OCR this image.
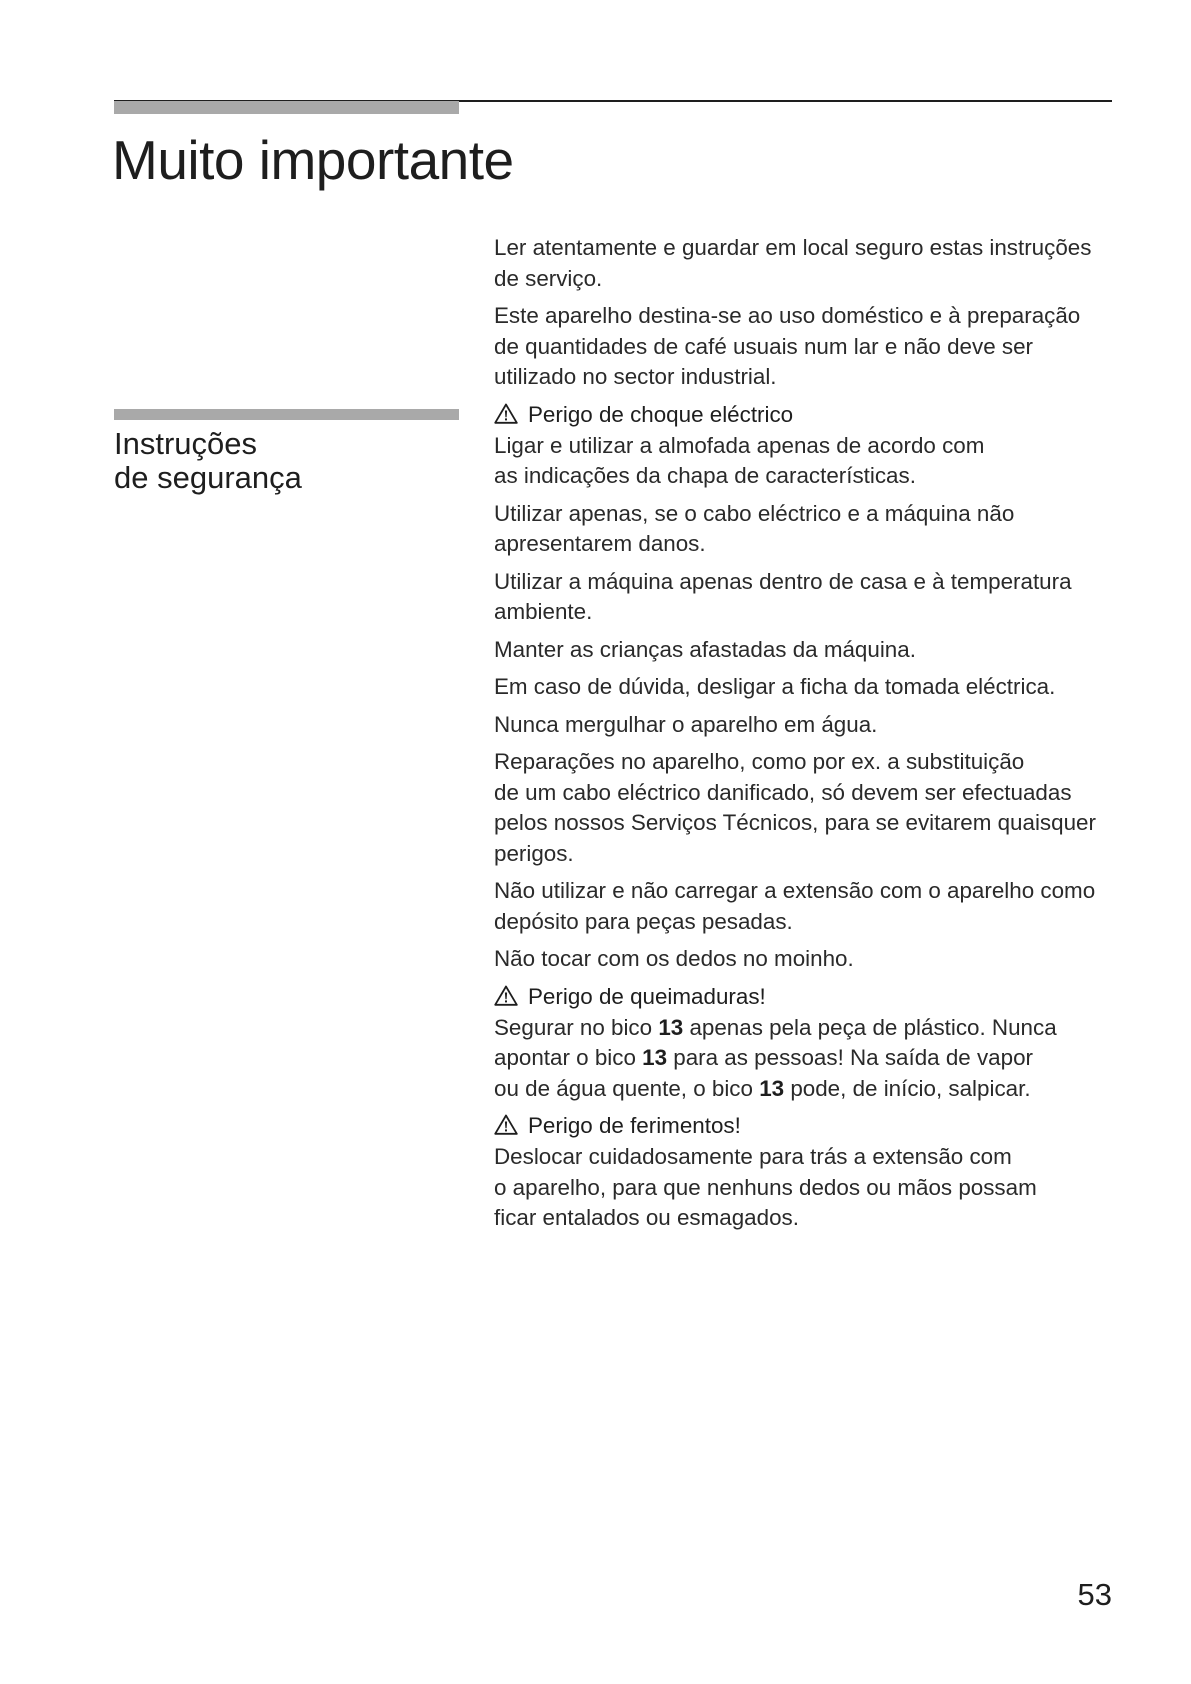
Muito importante
Instruções
de segurança

Ler atentamente e guardar em local seguro estas instruções
de serviço.

Este aparelho destina-se ao uso doméstico e à preparação
de quantidades de café usuais num lar e não deve ser
utilizado no sector industrial.

Perigo de choque eléctrico

Ligar e utilizar a almofada apenas de acordo com
as indicações da chapa de características.

Utilizar apenas, se o cabo eléctrico e a máquina não
apresentarem danos.

Utilizar a máquina apenas dentro de casa e à temperatura
ambiente.

Manter as crianças afastadas da máquina.

Em caso de dúvida, desligar a ficha da tomada eléctrica.

Nunca mergulhar o aparelho em água.

Reparações no aparelho, como por ex. a substituição
de um cabo eléctrico danificado, só devem ser efectuadas
pelos nossos Serviços Técnicos, para se evitarem quaisquer
perigos.

Não utilizar e não carregar a extensão com o aparelho como
depósito para peças pesadas.

Não tocar com os dedos no moinho.

Perigo de queimaduras!

Segurar no bico 13 apenas pela peça de plástico. Nunca
apontar o bico 13 para as pessoas! Na saída de vapor
ou de água quente, o bico 13 pode, de início, salpicar.

Perigo de ferimentos!

Deslocar cuidadosamente para trás a extensão com
o aparelho, para que nenhuns dedos ou mãos possam
ficar entalados ou esmagados.

53
